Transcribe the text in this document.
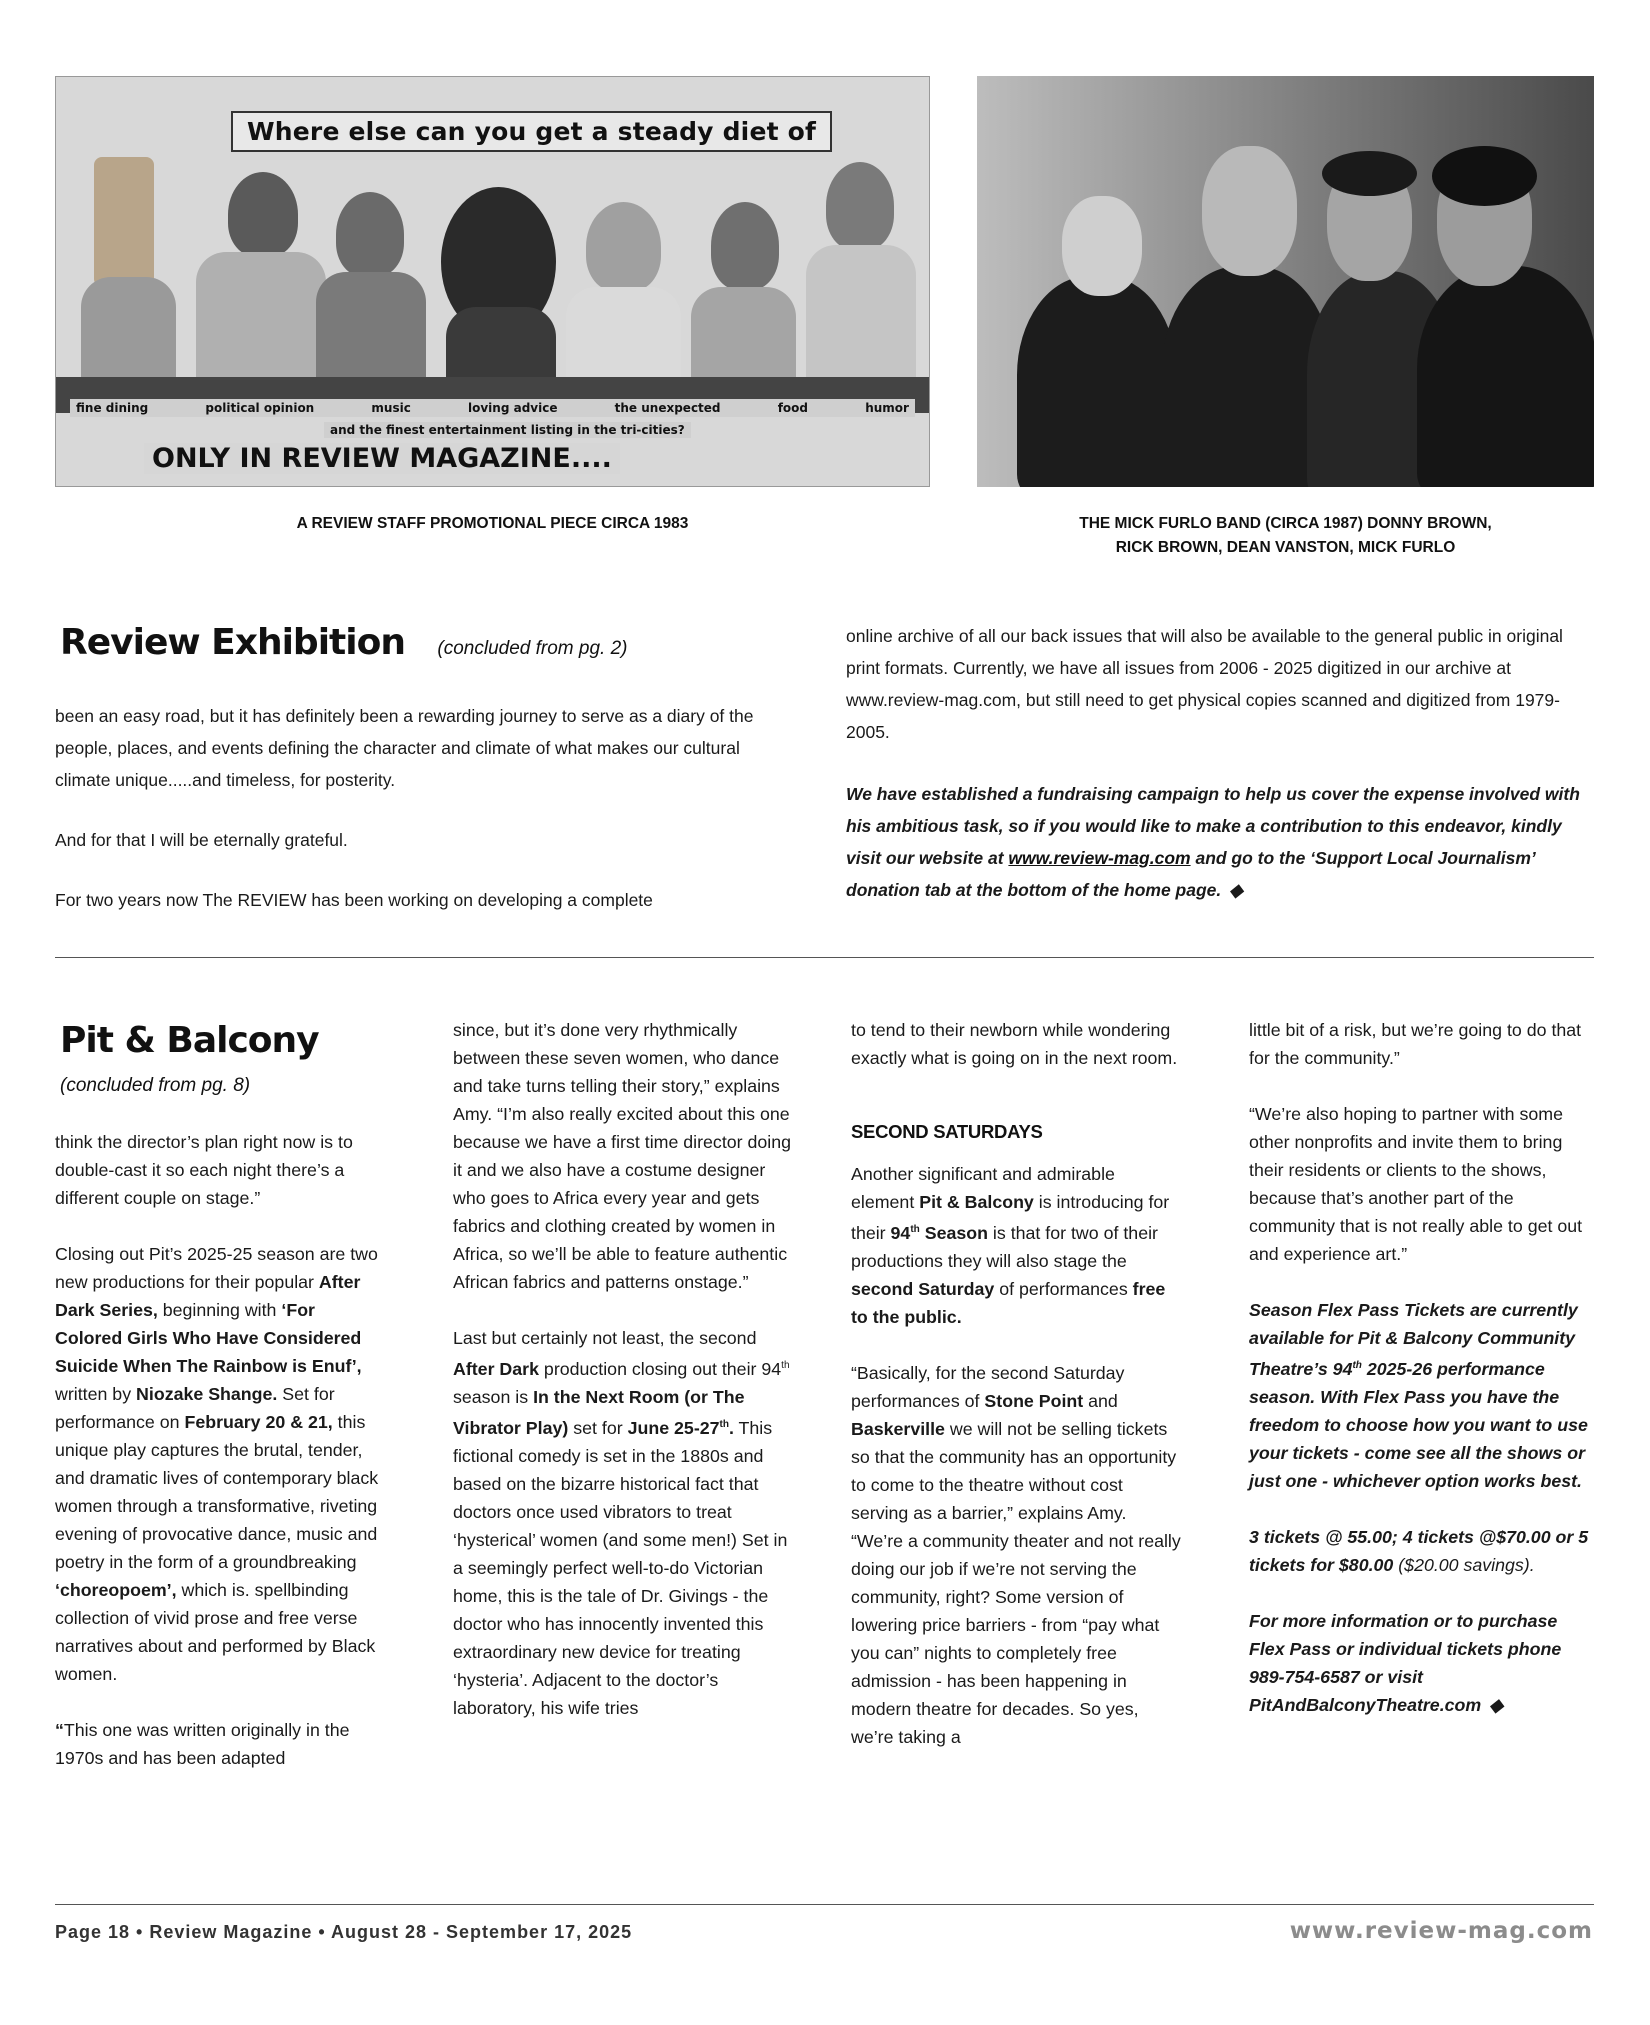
Where else can you get a steady diet of
fine dining	political opinion	music	loving advice	the unexpected	food	humor
and the finest entertainment listing in the tri-cities?
ONLY IN REVIEW MAGAZINE....
A REVIEW STAFF PROMOTIONAL PIECE CIRCA 1983	THE MICK FURLO BAND (CIRCA 1987) DONNY BROWN,
RICK BROWN, DEAN VANSTON, MICK FURLO
Review Exhibition (concluded from pg. 2)

been an easy road, but it has definitely been a rewarding journey to serve as a diary of the people, places, and events defining the character and climate of what makes our cultural climate unique.....and timeless, for posterity.

And for that I will be eternally grateful.

For two years now The REVIEW has been working on developing a complete

online archive of all our back issues that will also be available to the general public in original print formats. Currently, we have all issues from 2006 - 2025 digitized in our archive at www.review-mag.com, but still need to get physical copies scanned and digitized from 1979-2005.

We have established a fundraising campaign to help us cover the expense involved with his ambitious task, so if you would like to make a contribution to this endeavor, kindly visit our website at www.review-mag.com and go to the ‘Support Local Journalism’ donation tab at the bottom of the home page. ◆

Pit & Balcony
(concluded from pg. 8)

think the director’s plan right now is to double-cast it so each night there’s a different couple on stage.”

Closing out Pit’s 2025-25 season are two new productions for their popular After Dark Series, beginning with ‘For Colored Girls Who Have Considered Suicide When The Rainbow is Enuf’, written by Niozake Shange. Set for performance on February 20 & 21, this unique play captures the brutal, tender, and dramatic lives of contemporary black women through a transformative, riveting evening of provocative dance, music and poetry in the form of a groundbreaking ‘choreopoem’, which is. spellbinding collection of vivid prose and free verse narratives about and performed by Black women.

“This one was written originally in the 1970s and has been adapted

since, but it’s done very rhythmically between these seven women, who dance and take turns telling their story,” explains Amy. “I’m also really excited about this one because we have a first time director doing it and we also have a costume designer who goes to Africa every year and gets fabrics and clothing created by women in Africa, so we’ll be able to feature authentic African fabrics and patterns onstage.”

Last but certainly not least, the second After Dark production closing out their 94th season is In the Next Room (or The Vibrator Play) set for June 25-27th. This fictional comedy is set in the 1880s and based on the bizarre historical fact that doctors once used vibrators to treat ‘hysterical’ women (and some men!) Set in a seemingly perfect well-to-do Victorian home, this is the tale of Dr. Givings - the doctor who has innocently invented this extraordinary new device for treating ‘hysteria’. Adjacent to the doctor’s laboratory, his wife tries

to tend to their newborn while wondering exactly what is going on in the next room.

SECOND SATURDAYS

Another significant and admirable element Pit & Balcony is introducing for their 94th Season is that for two of their productions they will also stage the second Saturday of performances free to the public.

“Basically, for the second Saturday performances of Stone Point and Baskerville we will not be selling tickets so that the community has an opportunity to come to the theatre without cost serving as a barrier,” explains Amy. “We’re a community theater and not really doing our job if we’re not serving the community, right? Some version of lowering price barriers - from “pay what you can” nights to completely free admission - has been happening in modern theatre for decades. So yes, we’re taking a

little bit of a risk, but we’re going to do that for the community.”

“We’re also hoping to partner with some other nonprofits and invite them to bring their residents or clients to the shows, because that’s another part of the community that is not really able to get out and experience art.”

Season Flex Pass Tickets are currently available for Pit & Balcony Community Theatre’s 94th 2025-26 performance season. With Flex Pass you have the freedom to choose how you want to use your tickets - come see all the shows or just one - whichever option works best.

3 tickets @ 55.00; 4 tickets @$70.00 or 5 tickets for $80.00 ($20.00 savings).

For more information or to purchase Flex Pass or individual tickets phone 989-754-6587 or visit PitAndBalconyTheatre.com ◆

Page 18 • Review Magazine • August 28 - September 17, 2025	www.review-mag.com
